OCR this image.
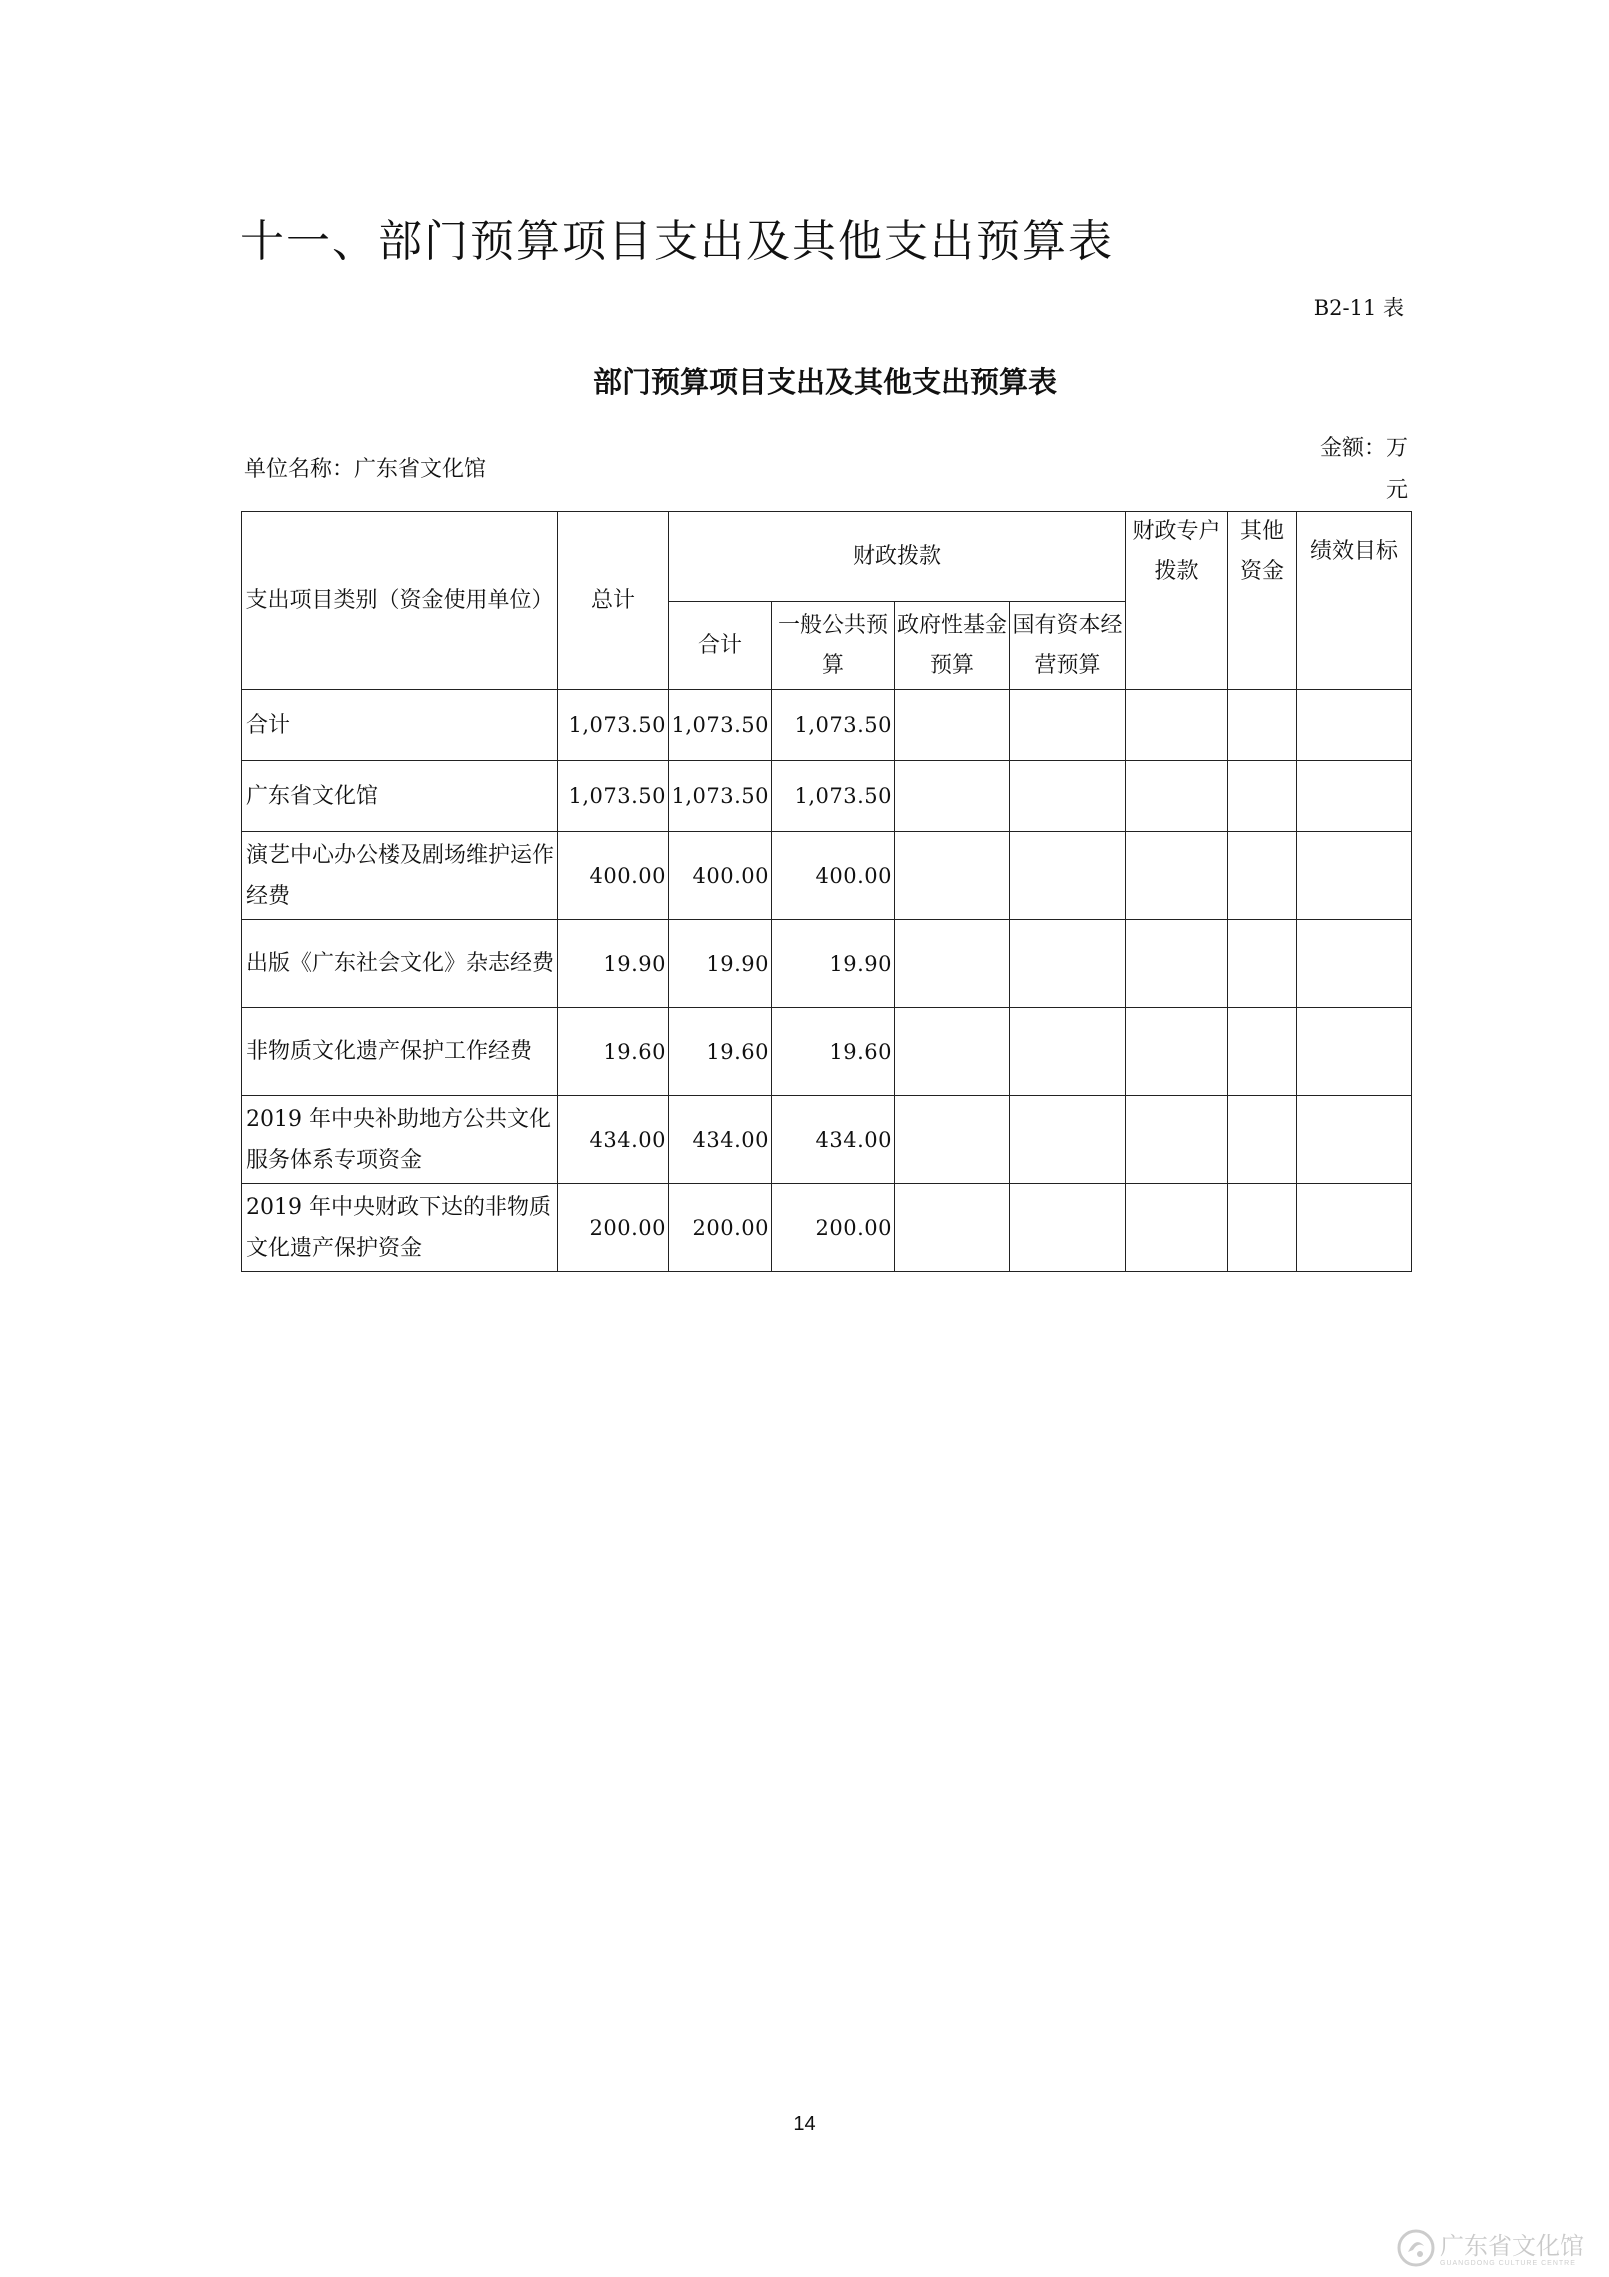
十一、部门预算项目支出及其他支出预算表
B2-11 表
部门预算项目支出及其他支出预算表
单位名称：广东省文化馆
金额：万元
支出项目类别（资金使用单位）	总计	财政拨款				财政专户拨款	其他资金	绩效目标
		合计	一般公共预算	政府性基金预算	国有资本经营预算			
合计	1,073.50	1,073.50	1,073.50					
广东省文化馆	1,073.50	1,073.50	1,073.50					
演艺中心办公楼及剧场维护运作经费	400.00	400.00	400.00					
出版《广东社会文化》杂志经费	19.90	19.90	19.90					
非物质文化遗产保护工作经费	19.60	19.60	19.60					
2019 年中央补助地方公共文化服务体系专项资金	434.00	434.00	434.00					
2019 年中央财政下达的非物质文化遗产保护资金	200.00	200.00	200.00					
14
广东省文化馆
GUANGDONG CULTURE CENTRE
